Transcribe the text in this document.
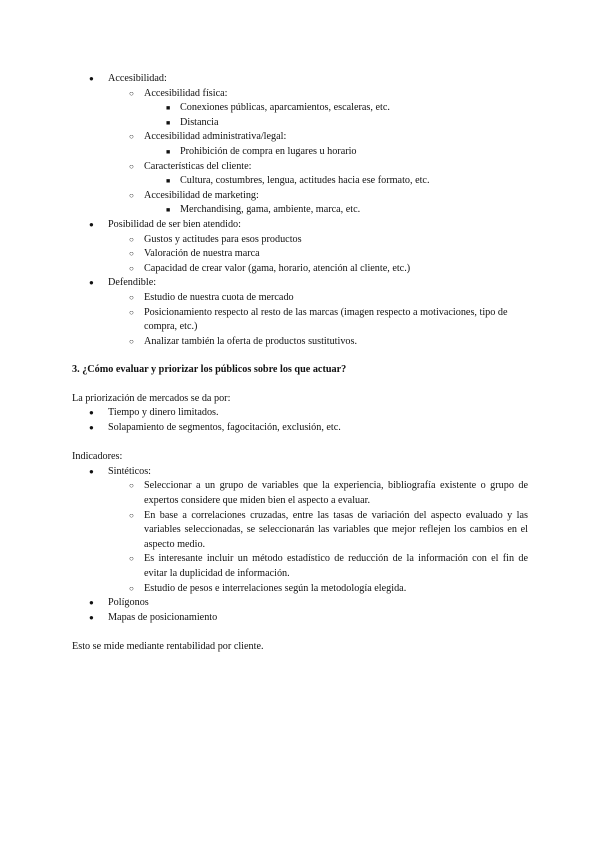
● Accesibilidad:
○ Accesibilidad física:
■ Conexiones públicas, aparcamientos, escaleras, etc.
■ Distancia
○ Accesibilidad administrativa/legal:
■ Prohibición de compra en lugares u horario
○ Características del cliente:
■ Cultura, costumbres, lengua, actitudes hacia ese formato, etc.
○ Accesibilidad de marketing:
■ Merchandising, gama, ambiente, marca, etc.
● Posibilidad de ser bien atendido:
○ Gustos y actitudes para esos productos
○ Valoración de nuestra marca
○ Capacidad de crear valor (gama, horario, atención al cliente, etc.)
● Defendible:
○ Estudio de nuestra cuota de mercado
○ Posicionamiento respecto al resto de las marcas (imagen respecto a motivaciones, tipo de compra, etc.)
○ Analizar también la oferta de productos sustitutivos.
3. ¿Cómo evaluar y priorizar los públicos sobre los que actuar?

La priorización de mercados se da por:

● Tiempo y dinero limitados.
● Solapamiento de segmentos, fagocitación, exclusión, etc.

Indicadores:

● Sintéticos:
○ Seleccionar a un grupo de variables que la experiencia, bibliografía existente o grupo de expertos considere que miden bien el aspecto a evaluar.
○ En base a correlaciones cruzadas, entre las tasas de variación del aspecto evaluado y las variables seleccionadas, se seleccionarán las variables que mejor reflejen los cambios en el aspecto medio.
○ Es interesante incluir un método estadístico de reducción de la información con el fin de evitar la duplicidad de información.
○ Estudio de pesos e interrelaciones según la metodología elegida.
● Polígonos
● Mapas de posicionamiento

Esto se mide mediante rentabilidad por cliente.
